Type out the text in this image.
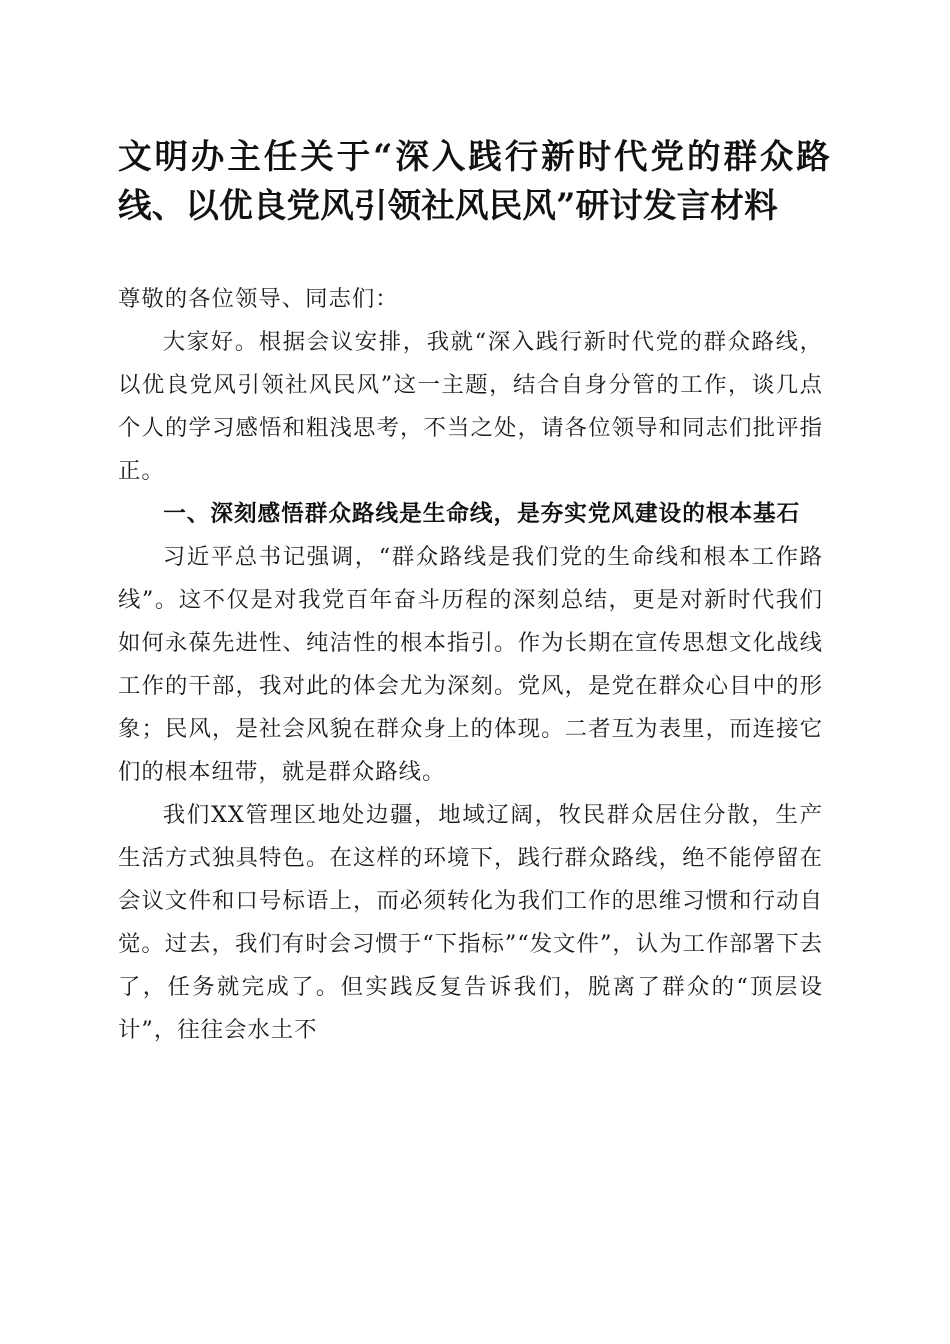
文明办主任关于“深入践行新时代党的群众路线、以优良党风引领社风民风”研讨发言材料

尊敬的各位领导、同志们：

大家好。根据会议安排，我就“深入践行新时代党的群众路线，以优良党风引领社风民风”这一主题，结合自身分管的工作，谈几点个人的学习感悟和粗浅思考，不当之处，请各位领导和同志们批评指正。

一、深刻感悟群众路线是生命线，是夯实党风建设的根本基石

习近平总书记强调，“群众路线是我们党的生命线和根本工作路线”。这不仅是对我党百年奋斗历程的深刻总结，更是对新时代我们如何永葆先进性、纯洁性的根本指引。作为长期在宣传思想文化战线工作的干部，我对此的体会尤为深刻。党风，是党在群众心目中的形象；民风，是社会风貌在群众身上的体现。二者互为表里，而连接它们的根本纽带，就是群众路线。

我们XX管理区地处边疆，地域辽阔，牧民群众居住分散，生产生活方式独具特色。在这样的环境下，践行群众路线，绝不能停留在会议文件和口号标语上，而必须转化为我们工作的思维习惯和行动自觉。过去，我们有时会习惯于“下指标”“发文件”，认为工作部署下去了，任务就完成了。但实践反复告诉我们，脱离了群众的“顶层设计”，往往会水土不
